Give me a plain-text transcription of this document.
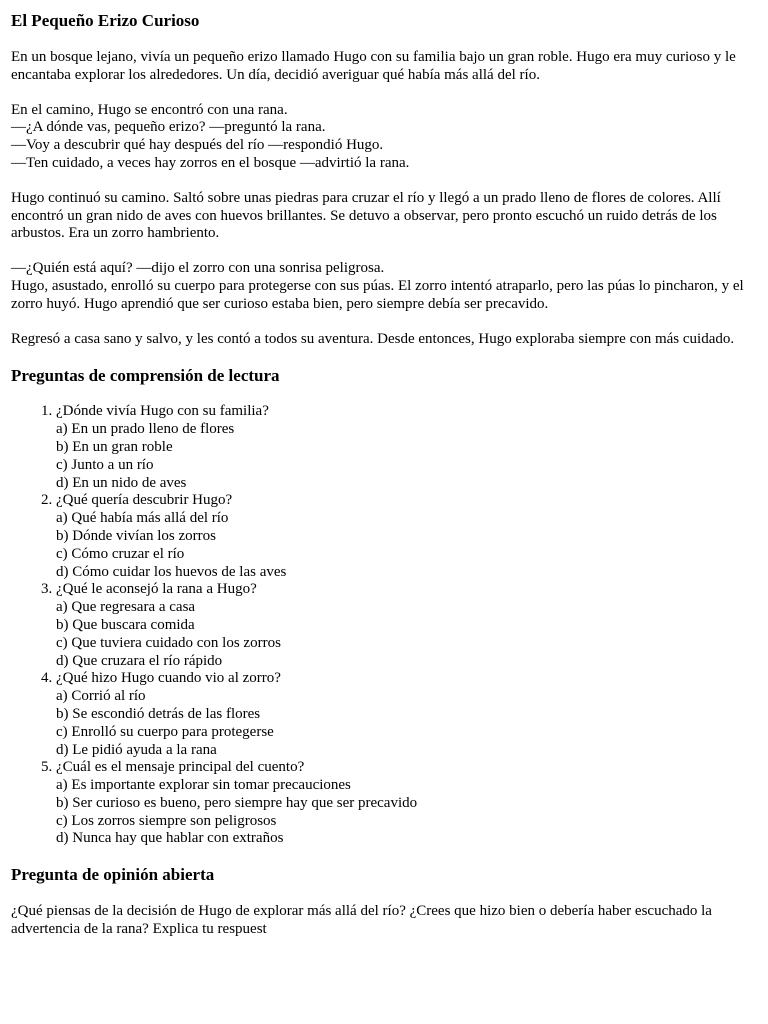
El Pequeño Erizo Curioso

En un bosque lejano, vivía un pequeño erizo llamado Hugo con su familia bajo un gran roble. Hugo era muy curioso y le encantaba explorar los alrededores. Un día, decidió averiguar qué había más allá del río.

En el camino, Hugo se encontró con una rana.
—¿A dónde vas, pequeño erizo? —preguntó la rana.
—Voy a descubrir qué hay después del río —respondió Hugo.
—Ten cuidado, a veces hay zorros en el bosque —advirtió la rana.

Hugo continuó su camino. Saltó sobre unas piedras para cruzar el río y llegó a un prado lleno de flores de colores. Allí encontró un gran nido de aves con huevos brillantes. Se detuvo a observar, pero pronto escuchó un ruido detrás de los arbustos. Era un zorro hambriento.

—¿Quién está aquí? —dijo el zorro con una sonrisa peligrosa.
Hugo, asustado, enrolló su cuerpo para protegerse con sus púas. El zorro intentó atraparlo, pero las púas lo pincharon, y el zorro huyó. Hugo aprendió que ser curioso estaba bien, pero siempre debía ser precavido.

Regresó a casa sano y salvo, y les contó a todos su aventura. Desde entonces, Hugo exploraba siempre con más cuidado.

Preguntas de comprensión de lectura
1. ¿Dónde vivía Hugo con su familia?
a) En un prado lleno de flores
b) En un gran roble
c) Junto a un río
d) En un nido de aves
2. ¿Qué quería descubrir Hugo?
a) Qué había más allá del río
b) Dónde vivían los zorros
c) Cómo cruzar el río
d) Cómo cuidar los huevos de las aves
3. ¿Qué le aconsejó la rana a Hugo?
a) Que regresara a casa
b) Que buscara comida
c) Que tuviera cuidado con los zorros
d) Que cruzara el río rápido
4. ¿Qué hizo Hugo cuando vio al zorro?
a) Corrió al río
b) Se escondió detrás de las flores
c) Enrolló su cuerpo para protegerse
d) Le pidió ayuda a la rana
5. ¿Cuál es el mensaje principal del cuento?
a) Es importante explorar sin tomar precauciones
b) Ser curioso es bueno, pero siempre hay que ser precavido
c) Los zorros siempre son peligrosos
d) Nunca hay que hablar con extraños
Pregunta de opinión abierta

¿Qué piensas de la decisión de Hugo de explorar más allá del río? ¿Crees que hizo bien o debería haber escuchado la advertencia de la rana? Explica tu respuest
